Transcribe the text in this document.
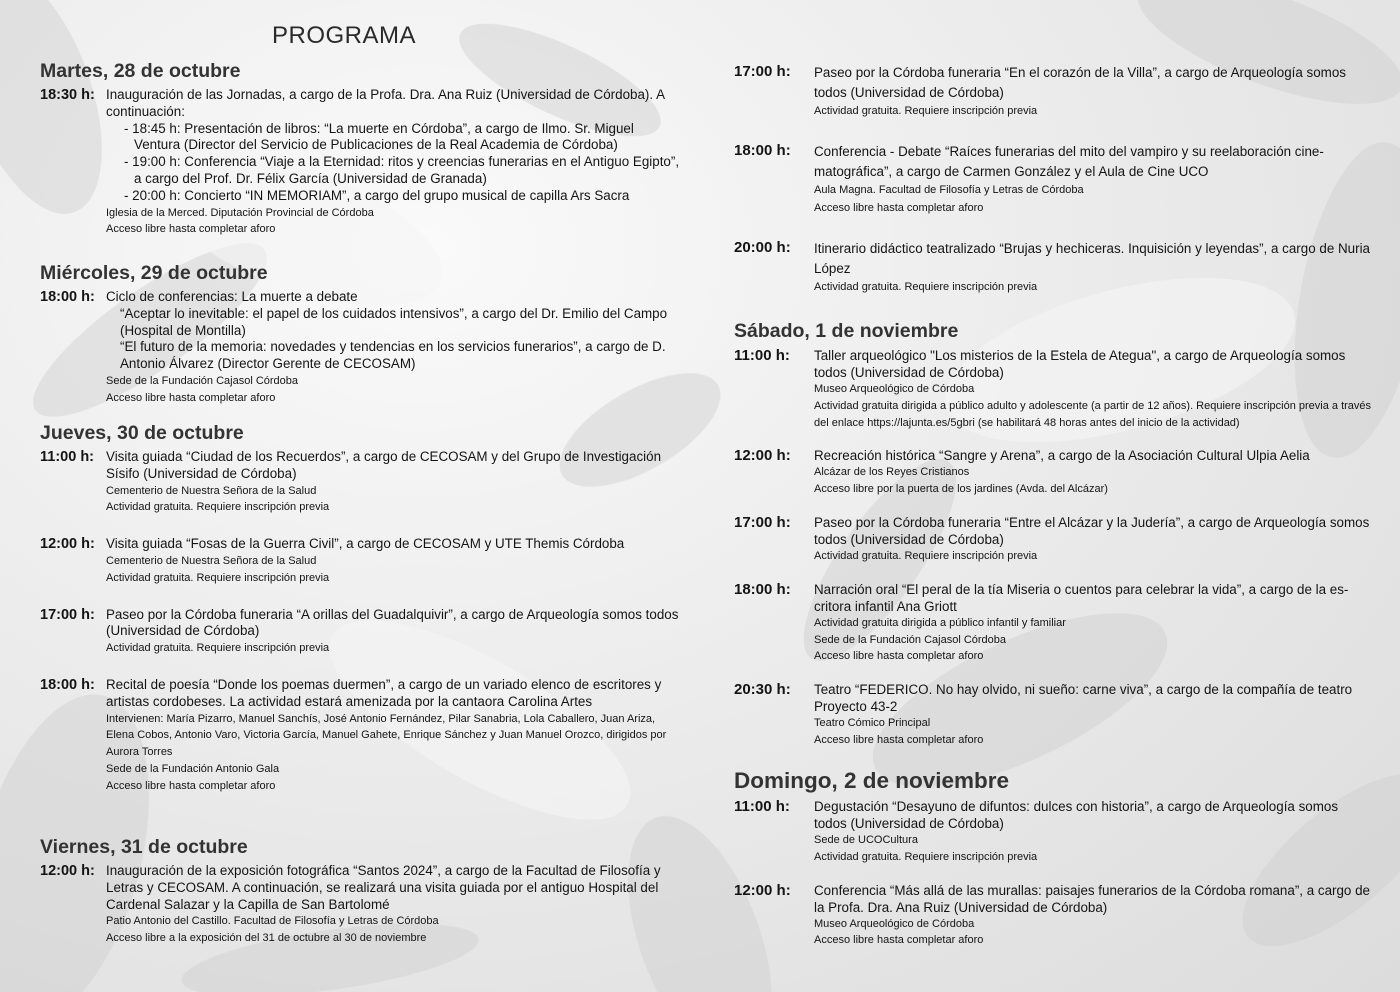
PROGRAMA
Martes, 28 de octubre
18:30 h: Inauguración de las Jornadas, a cargo de la Profa. Dra. Ana Ruiz (Universidad de Córdoba). A continuación:
- 18:45 h: Presentación de libros: “La muerte en Córdoba”, a cargo de Ilmo. Sr. Miguel Ventura (Director del Servicio de Publicaciones de la Real Academia de Córdoba)
- 19:00 h: Conferencia “Viaje a la Eternidad: ritos y creencias funerarias en el Antiguo Egipto”, a cargo del Prof. Dr. Félix García (Universidad de Granada)
- 20:00 h: Concierto “IN MEMORIAM”, a cargo del grupo musical de capilla Ars Sacra
Iglesia de la Merced. Diputación Provincial de Córdoba
Acceso libre hasta completar aforo
Miércoles, 29 de octubre
18:00 h: Ciclo de conferencias: La muerte a debate
“Aceptar lo inevitable: el papel de los cuidados intensivos”, a cargo del Dr. Emilio del Campo (Hospital de Montilla)
“El futuro de la memoria: novedades y tendencias en los servicios funerarios”, a cargo de D. Antonio Álvarez (Director Gerente de CECOSAM)
Sede de la Fundación Cajasol Córdoba
Acceso libre hasta completar aforo
Jueves, 30 de octubre
11:00 h: Visita guiada “Ciudad de los Recuerdos”, a cargo de CECOSAM y del Grupo de Investigación Sísifo (Universidad de Córdoba)
Cementerio de Nuestra Señora de la Salud
Actividad gratuita. Requiere inscripción previa
12:00 h: Visita guiada “Fosas de la Guerra Civil”, a cargo de CECOSAM y UTE Themis Córdoba
Cementerio de Nuestra Señora de la Salud
Actividad gratuita. Requiere inscripción previa
17:00 h: Paseo por la Córdoba funeraria “A orillas del Guadalquivir”, a cargo de Arqueología somos todos (Universidad de Córdoba)
Actividad gratuita. Requiere inscripción previa
18:00 h: Recital de poesía “Donde los poemas duermen”, a cargo de un variado elenco de escritores y artistas cordobeses. La actividad estará amenizada por la cantaora Carolina Artes
Intervienen: María Pizarro, Manuel Sanchís, José Antonio Fernández, Pilar Sanabria, Lola Caballero, Juan Ariza, Elena Cobos, Antonio Varo, Victoria García, Manuel Gahete, Enrique Sánchez y Juan Manuel Orozco, dirigidos por Aurora Torres
Sede de la Fundación Antonio Gala
Acceso libre hasta completar aforo
Viernes, 31 de octubre
12:00 h: Inauguración de la exposición fotográfica “Santos 2024”, a cargo de la Facultad de Filosofía y Letras y CECOSAM. A continuación, se realizará una visita guiada por el antiguo Hospital del Cardenal Salazar y la Capilla de San Bartolomé
Patio Antonio del Castillo. Facultad de Filosofía y Letras de Córdoba
Acceso libre a la exposición del 31 de octubre al 30 de noviembre
17:00 h:	Paseo por la Córdoba funeraria “En el corazón de la Villa”, a cargo de Arqueología somos todos (Universidad de Córdoba)
Actividad gratuita. Requiere inscripción previa
18:00 h:	Conferencia - Debate “Raíces funerarias del mito del vampiro y su reelaboración cine-matográfica”, a cargo de Carmen González y el Aula de Cine UCO
Aula Magna. Facultad de Filosofía y Letras de Córdoba
Acceso libre hasta completar aforo
20:00 h:	Itinerario didáctico teatralizado “Brujas y hechiceras. Inquisición y leyendas”, a cargo de Nuria López
Actividad gratuita. Requiere inscripción previa
Sábado, 1 de noviembre
11:00 h:	Taller arqueológico "Los misterios de la Estela de Ategua", a cargo de Arqueología somos todos (Universidad de Córdoba)
Museo Arqueológico de Córdoba
Actividad gratuita dirigida a público adulto y adolescente (a partir de 12 años). Requiere inscripción previa a través del enlace https://lajunta.es/5gbri (se habilitará 48 horas antes del inicio de la actividad)
12:00 h:	Recreación histórica “Sangre y Arena”, a cargo de la Asociación Cultural Ulpia Aelia
Alcázar de los Reyes Cristianos
Acceso libre por la puerta de los jardines (Avda. del Alcázar)
17:00 h:	Paseo por la Córdoba funeraria “Entre el Alcázar y la Judería”, a cargo de Arqueología somos todos (Universidad de Córdoba)
Actividad gratuita. Requiere inscripción previa
18:00 h:	Narración oral “El peral de la tía Miseria o cuentos para celebrar la vida”, a cargo de la es-critora infantil Ana Griott
Actividad gratuita dirigida a público infantil y familiar
Sede de la Fundación Cajasol Córdoba
Acceso libre hasta completar aforo
20:30 h:	Teatro “FEDERICO. No hay olvido, ni sueño: carne viva”, a cargo de la compañía de teatro Proyecto 43-2
Teatro Cómico Principal
Acceso libre hasta completar aforo
Domingo, 2 de noviembre
11:00 h:	Degustación “Desayuno de difuntos: dulces con historia”, a cargo de Arqueología somos todos (Universidad de Córdoba)
Sede de UCOCultura
Actividad gratuita. Requiere inscripción previa
12:00 h:	Conferencia “Más allá de las murallas: paisajes funerarios de la Córdoba romana”, a cargo de la Profa. Dra. Ana Ruiz (Universidad de Córdoba)
Museo Arqueológico de Córdoba
Acceso libre hasta completar aforo
